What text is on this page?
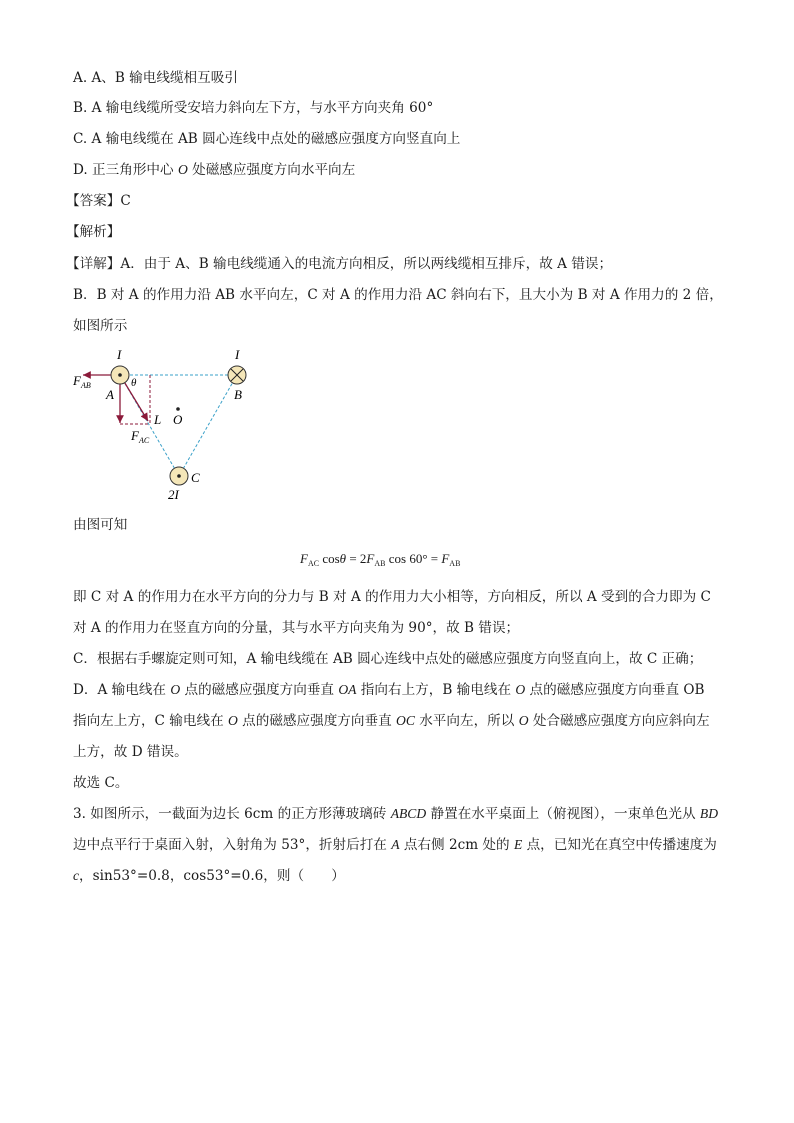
A. A、B 输电线缆相互吸引
B. A 输电线缆所受安培力斜向左下方，与水平方向夹角 60°
C. A 输电线缆在 AB 圆心连线中点处的磁感应强度方向竖直向上
D. 正三角形中心 O 处磁感应强度方向水平向左
【答案】C
【解析】
【详解】A．由于 A、B 输电线缆通入的电流方向相反，所以两线缆相互排斥，故 A 错误；
B．B 对 A 的作用力沿 AB 水平向左，C 对 A 的作用力沿 AC 斜向右下，且大小为 B 对 A 作用力的 2 倍，
如图所示
I	I
$F_{AB}$
A
θ
B
L O
$F_{AC}$
C
2I
由图可知
$F_{AC}$ $\cos\theta = 2F_{AB}$ $\cos 60^\circ = F_{AB}$
即 C 对 A 的作用力在水平方向的分力与 B 对 A 的作用力大小相等，方向相反，所以 A 受到的合力即为 C
对 A 的作用力在竖直方向的分量，其与水平方向夹角为 90°，故 B 错误；
C．根据右手螺旋定则可知，A 输电线缆在 AB 圆心连线中点处的磁感应强度方向竖直向上，故 C 正确；
D．A 输电线在 O 点的磁感应强度方向垂直 OA 指向右上方，B 输电线在 O 点的磁感应强度方向垂直 OB
指向左上方，C 输电线在 O 点的磁感应强度方向垂直 OC 水平向左，所以 O 处合磁感应强度方向应斜向左
上方，故 D 错误。
故选 C。
3. 如图所示，一截面为边长 6cm 的正方形薄玻璃砖 ABCD 静置在水平桌面上（俯视图），一束单色光从 BD
边中点平行于桌面入射，入射角为 53°，折射后打在 A 点右侧 2cm 处的 E 点，已知光在真空中传播速度为
c，sin53°=0.8，cos53°=0.6，则（　　）
